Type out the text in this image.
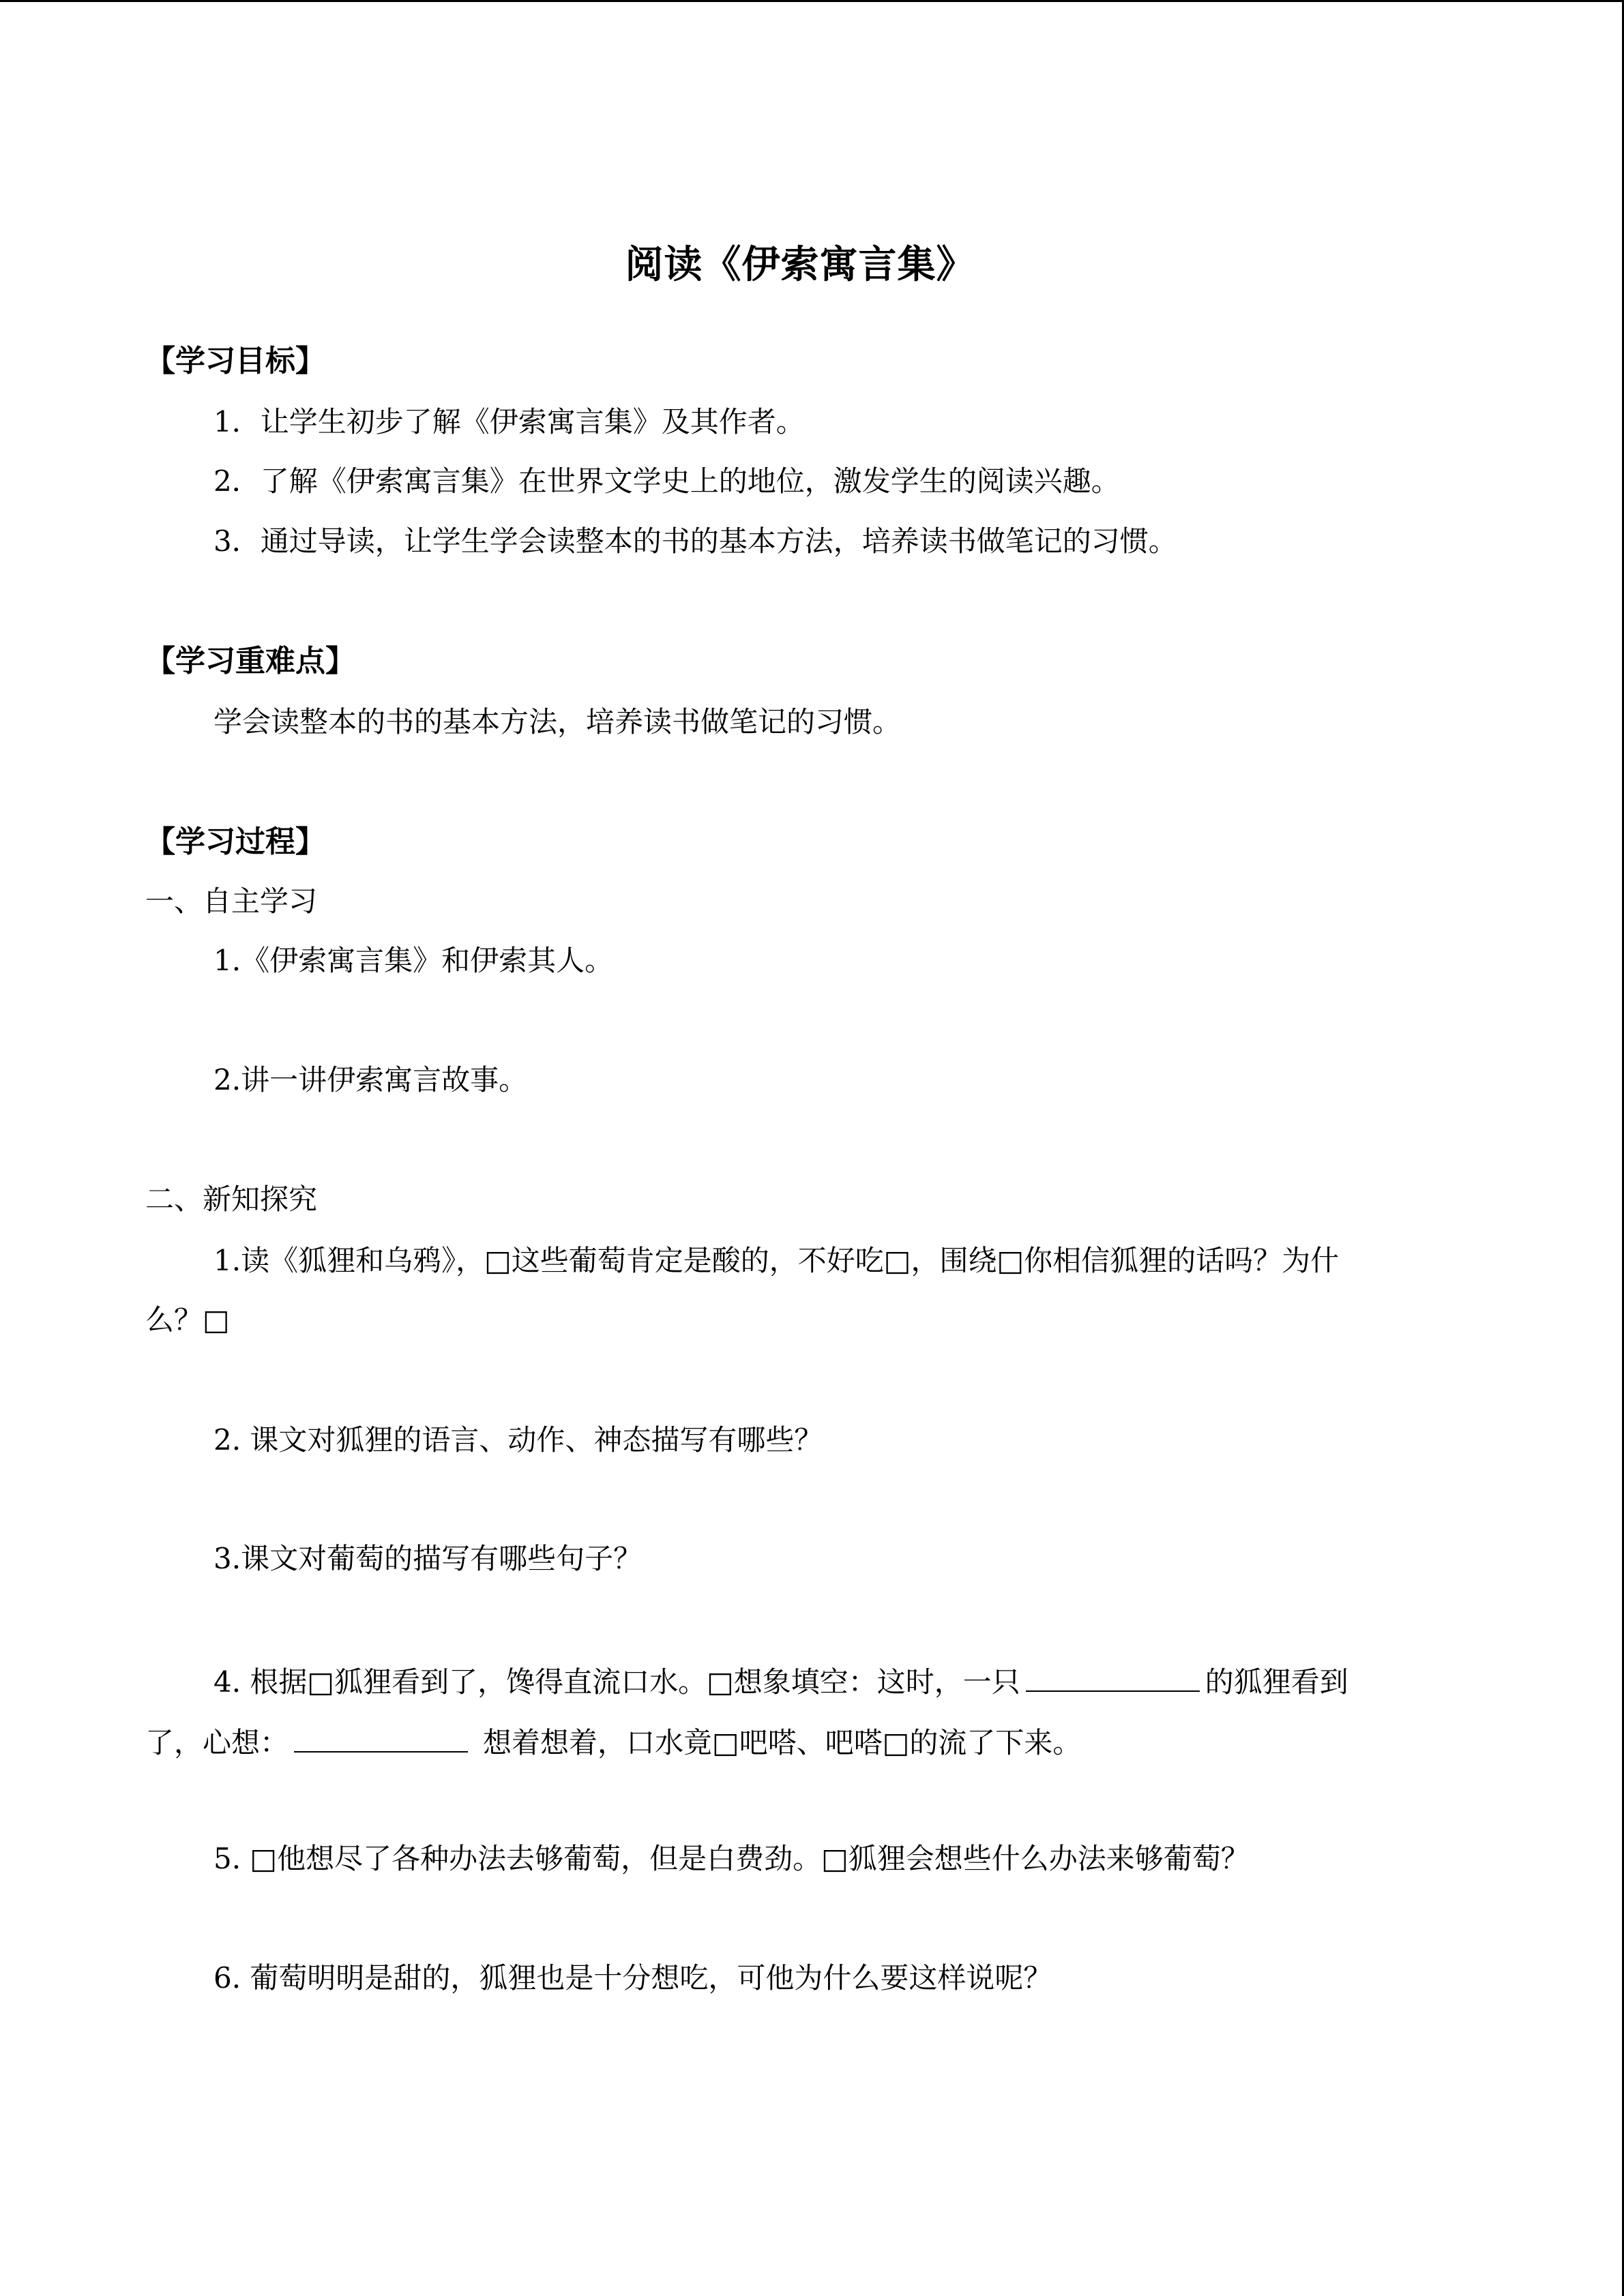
阅读《伊索寓言集》
【学习目标】
1．让学生初步了解《伊索寓言集》及其作者。
2．了解《伊索寓言集》在世界文学史上的地位，激发学生的阅读兴趣。
3．通过导读，让学生学会读整本的书的基本方法，培养读书做笔记的习惯。
【学习重难点】
学会读整本的书的基本方法，培养读书做笔记的习惯。
【学习过程】
一、自主学习
1.《伊索寓言集》和伊索其人。
2.讲一讲伊索寓言故事。
二、新知探究
1.读《狐狸和乌鸦》，□这些葡萄肯定是酸的，不好吃□，围绕□你相信狐狸的话吗？为什
么？□
2. 课文对狐狸的语言、动作、神态描写有哪些？
3.课文对葡萄的描写有哪些句子？
4. 根据□狐狸看到了，馋得直流口水。□想象填空：这时，一只	的狐狸看到
了，心想：	想着想着，口水竟□吧嗒、吧嗒□的流了下来。
5. □他想尽了各种办法去够葡萄，但是白费劲。□狐狸会想些什么办法来够葡萄？
6. 葡萄明明是甜的，狐狸也是十分想吃，可他为什么要这样说呢？
